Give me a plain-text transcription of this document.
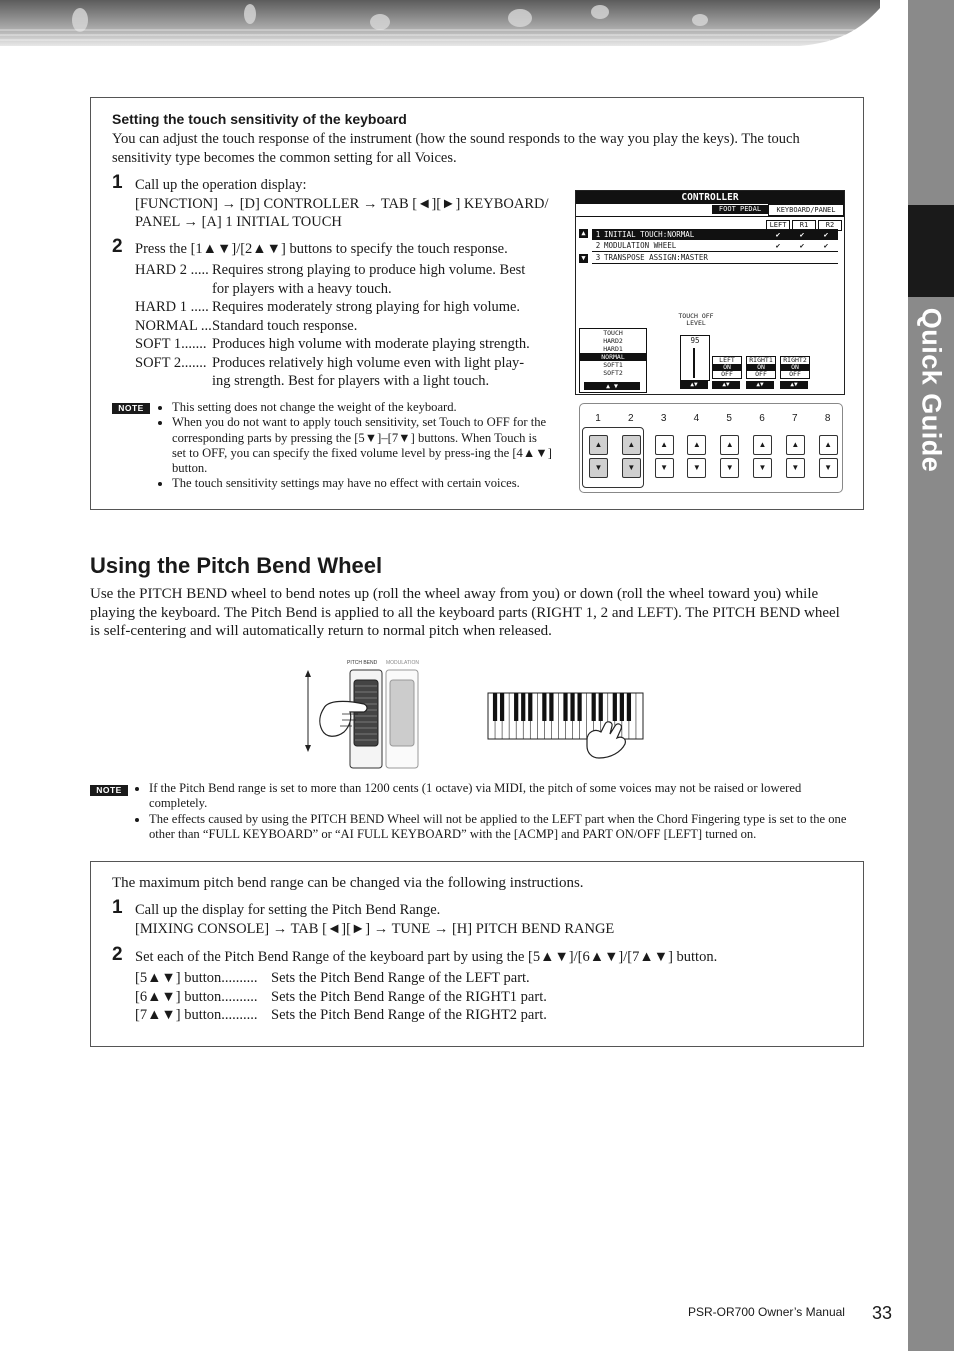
Quick Guide
Setting the touch sensitivity of the keyboard
You can adjust the touch response of the instrument (how the sound responds to the way you play the keys). The touch sensitivity type becomes the common setting for all Voices.
1 Call up the operation display:
[FUNCTION] → [D] CONTROLLER → TAB [◄][►] KEYBOARD/
PANEL → [A] 1 INITIAL TOUCH
2 Press the [1▲▼]/[2▲▼] buttons to specify the touch response.
HARD 2 ..... Requires strong playing to produce high volume. Best
for players with a heavy touch.
HARD 1 ..... Requires moderately strong playing for high volume.
NORMAL ... Standard touch response.
SOFT 1....... Produces high volume with moderate playing strength.
SOFT 2....... Produces relatively high volume even with light play-
ing strength. Best for players with a light touch.
NOTE	• This setting does not change the weight of the keyboard.
• When you do not want to apply touch sensitivity, set Touch to OFF for the corresponding parts by pressing the [5▼]–[7▼] buttons. When Touch is set to OFF, you can specify the fixed volume level by press-ing the [4▲▼] button.
• The touch sensitivity settings may have no effect with certain voices.
CONTROLLER
FOOT PEDAL	KEYBOARD/PANEL
LEFT	R1	R2
▲
▼
1 INITIAL TOUCH:NORMAL	✔	✔	✔
2 MODULATION WHEEL	✔	✔	✔
3 TRANSPOSE ASSIGN:MASTER
TOUCH
HARD2
HARD1
NORMAL
SOFT1
SOFT2
▲ ▼
TOUCH OFF LEVEL
95
▲▼
LEFT
ON
OFF
RIGHT1
ON
OFF
RIGHT2
ON
OFF
▲▼	▲▼	▲▼
1
▲
▼
2
▲
▼
3
▲
▼
4
▲
▼
5
▲
▼
6
▲
▼
7
▲
▼
8
▲
▼
Using the Pitch Bend Wheel
Use the PITCH BEND wheel to bend notes up (roll the wheel away from you) or down (roll the wheel toward you) while playing the keyboard. The Pitch Bend is applied to all the keyboard parts (RIGHT 1, 2 and LEFT). The PITCH BEND wheel is self-centering and will automatically return to normal pitch when released.
PITCH BEND MODULATION
NOTE	• If the Pitch Bend range is set to more than 1200 cents (1 octave) via MIDI, the pitch of some voices may not be raised or lowered completely.
• The effects caused by using the PITCH BEND Wheel will not be applied to the LEFT part when the Chord Fingering type is set to the one other than “FULL KEYBOARD” or “AI FULL KEYBOARD” with the [ACMP] and PART ON/OFF [LEFT] turned on.
The maximum pitch bend range can be changed via the following instructions.
1 Call up the display for setting the Pitch Bend Range.
[MIXING CONSOLE] → TAB [◄][►] → TUNE → [H] PITCH BEND RANGE
2 Set each of the Pitch Bend Range of the keyboard part by using the [5▲▼]/[6▲▼]/[7▲▼] button.
[5▲▼] button.......... Sets the Pitch Bend Range of the LEFT part.
[6▲▼] button.......... Sets the Pitch Bend Range of the RIGHT1 part.
[7▲▼] button.......... Sets the Pitch Bend Range of the RIGHT2 part.
PSR-OR700 Owner’s Manual 33
